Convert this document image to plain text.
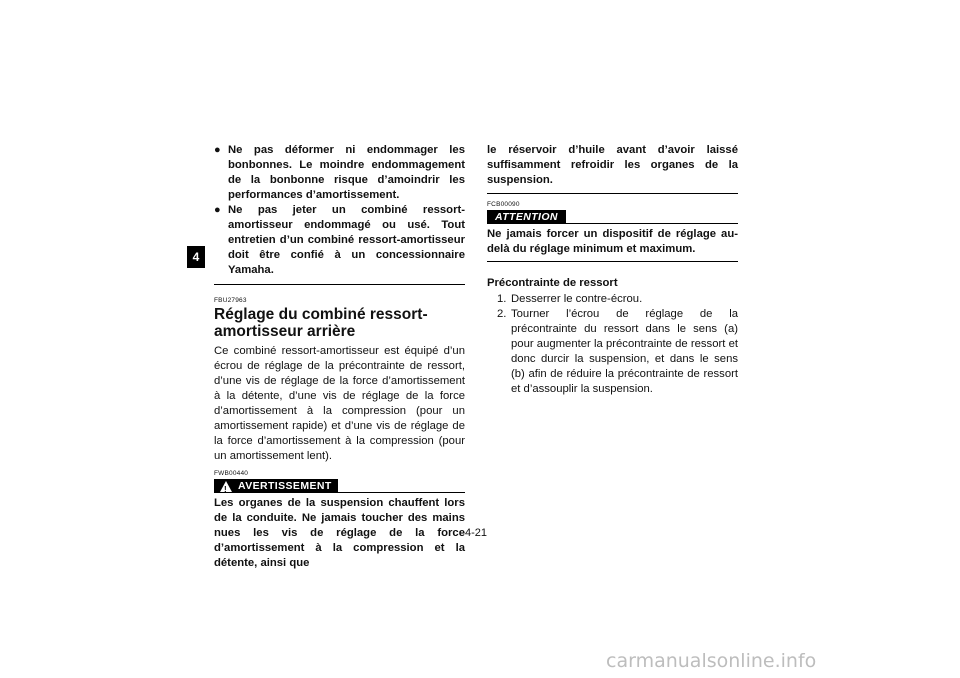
4
● Ne pas déformer ni endommager les bonbonnes. Le moindre endommagement de la bonbonne risque d’amoindrir les performances d’amortissement.
● Ne pas jeter un combiné ressort-amortisseur endommagé ou usé. Tout entretien d’un combiné ressort-amortisseur doit être confié à un concessionnaire Yamaha.
FBU27963
Réglage du combiné ressort-amortisseur arrière
Ce combiné ressort-amortisseur est équipé d’un écrou de réglage de la précontrainte de ressort, d’une vis de réglage de la force d’amortissement à la détente, d’une vis de réglage de la force d’amortissement à la compression (pour un amortissement rapide) et d’une vis de réglage de la force d’amortissement à la compression (pour un amortissement lent).
FWB00440
! AVERTISSEMENT
Les organes de la suspension chauffent lors de la conduite. Ne jamais toucher des mains nues les vis de réglage de la force d’amortissement à la compression et la détente, ainsi que
le réservoir d’huile avant d’avoir laissé suffisamment refroidir les organes de la suspension.
FCB00090
ATTENTION
Ne jamais forcer un dispositif de réglage au-delà du réglage minimum et maximum.
Précontrainte de ressort
1. Desserrer le contre-écrou.
2. Tourner l’écrou de réglage de la précontrainte du ressort dans le sens (a) pour augmenter la précontrainte de ressort et donc durcir la suspension, et dans le sens (b) afin de réduire la précontrainte de ressort et d’assouplir la suspension.
4-21
carmanualsonline.info
